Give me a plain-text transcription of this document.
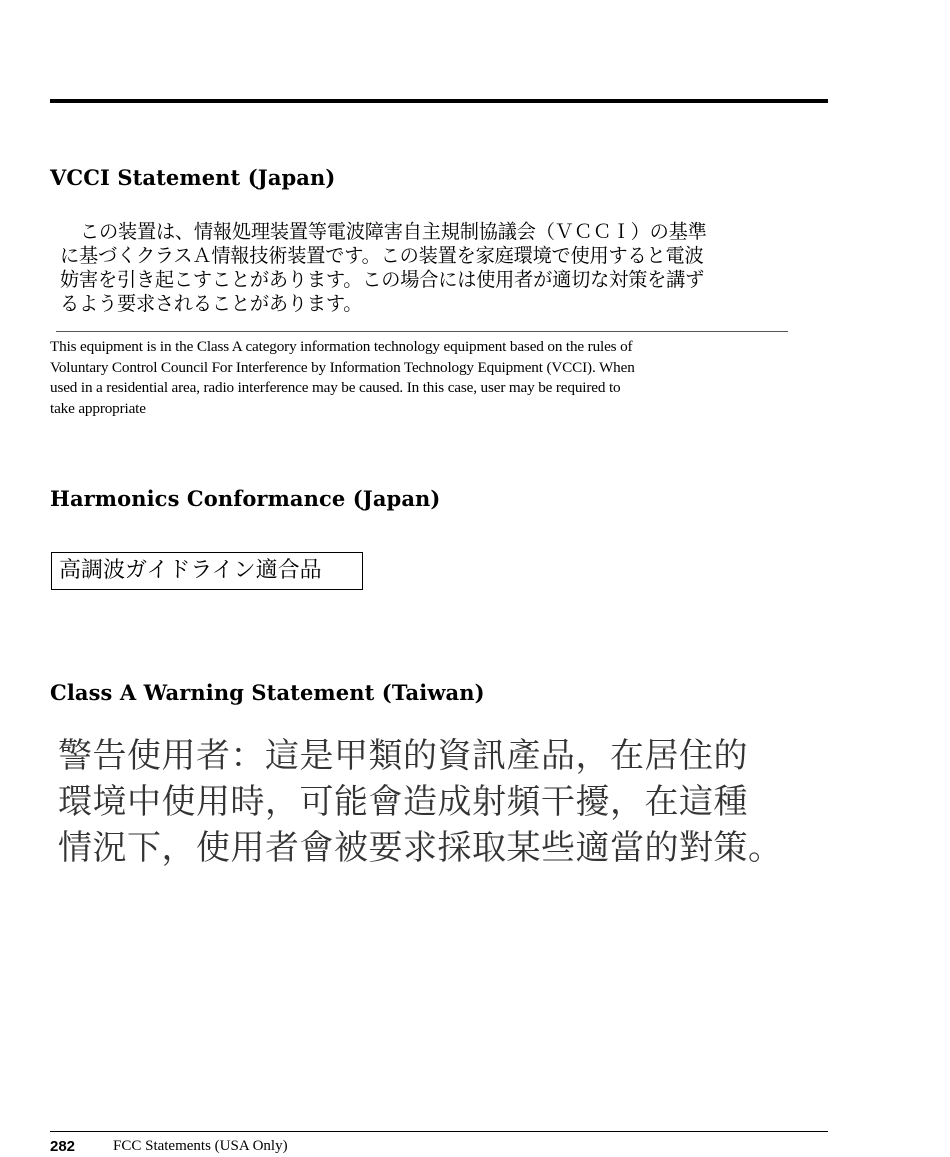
VCCI Statement (Japan)
この装置は、情報処理装置等電波障害自主規制協議会（ＶＣＣＩ）の基準
に基づくクラスＡ情報技術装置です。この装置を家庭環境で使用すると電波
妨害を引き起こすことがあります。この場合には使用者が適切な対策を講ず
るよう要求されることがあります。
This equipment is in the Class A category information technology equipment based on the rules of
Voluntary Control Council For Interference by Information Technology Equipment (VCCI). When
used in a residential area, radio interference may be caused. In this case, user may be required to
take appropriate
Harmonics Conformance (Japan)
高調波ガイドライン適合品
Class A Warning Statement (Taiwan)
警告使用者：這是甲類的資訊產品，在居住的
環境中使用時，可能會造成射頻干擾，在這種
情況下，使用者會被要求採取某些適當的對策。
282	FCC Statements (USA Only)
